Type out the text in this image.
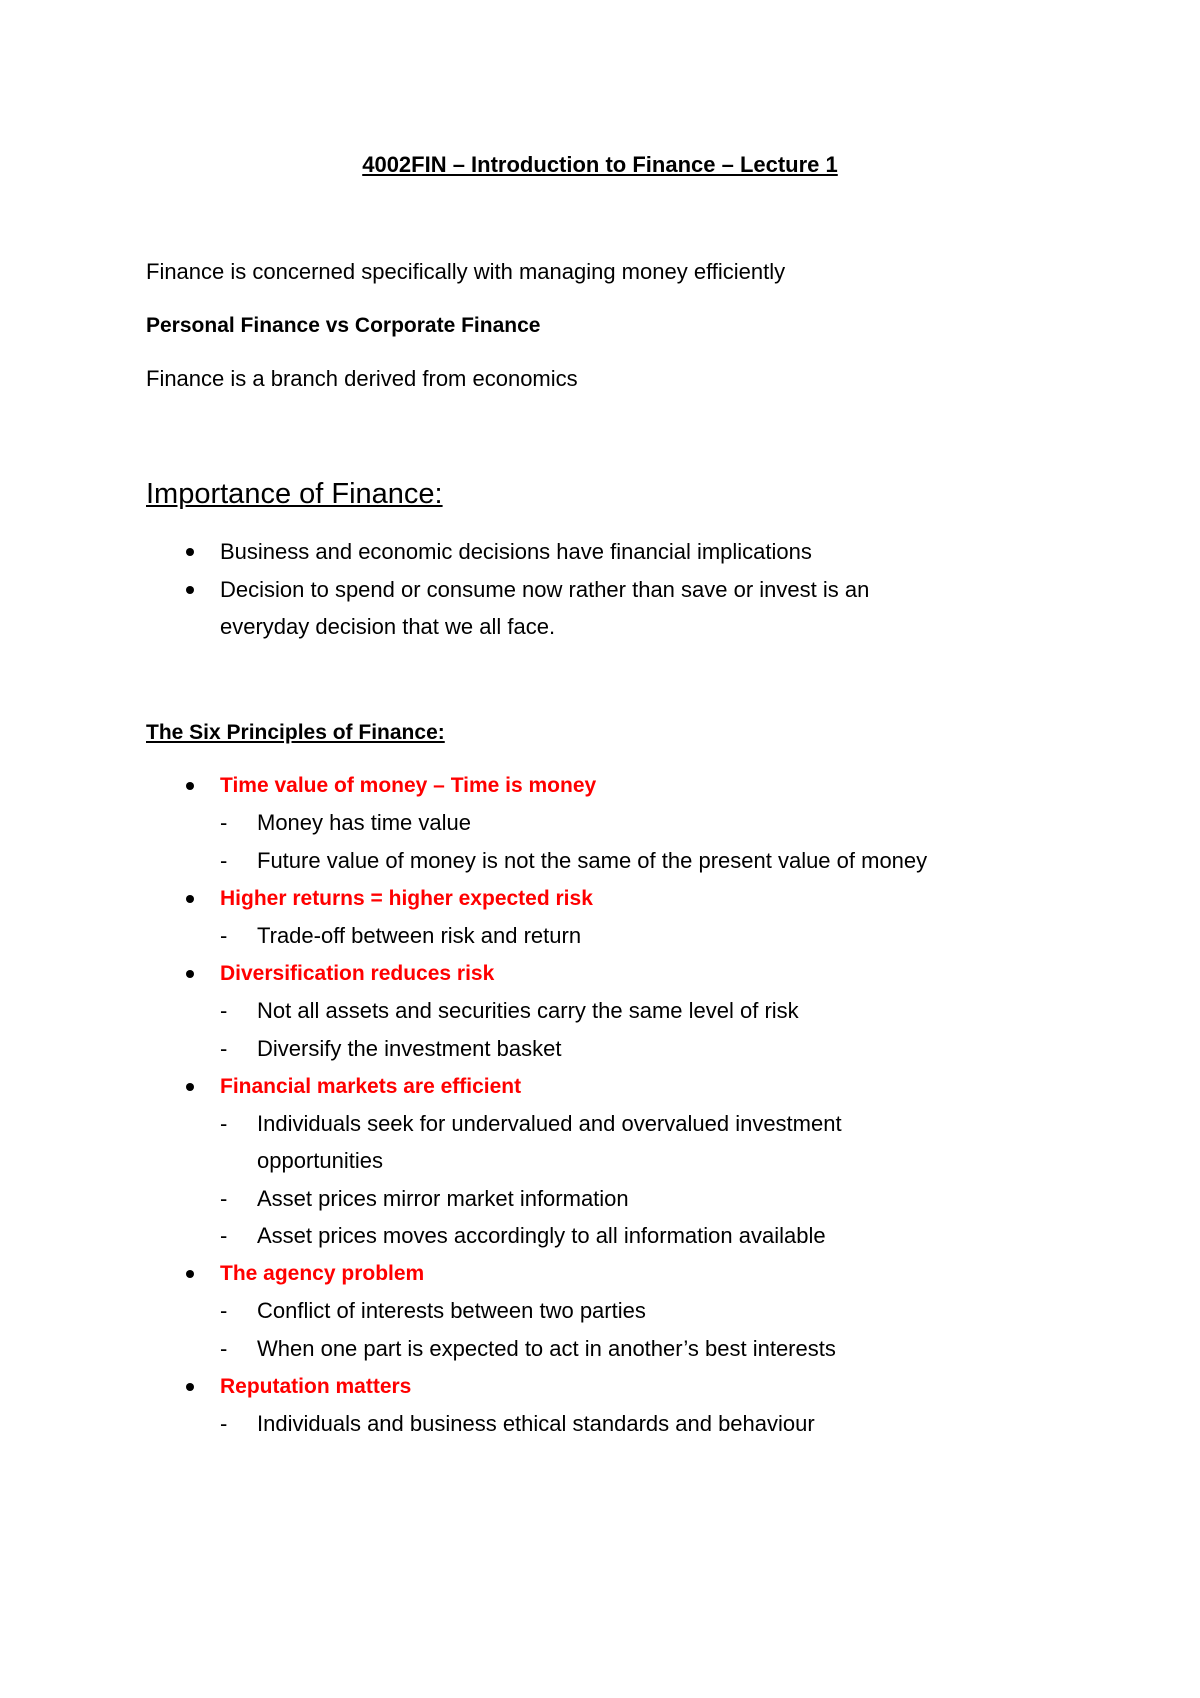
4002FIN – Introduction to Finance – Lecture 1
Finance is concerned specifically with managing money efficiently
Personal Finance vs Corporate Finance
Finance is a branch derived from economics
Importance of Finance:
Business and economic decisions have financial implications
Decision to spend or consume now rather than save or invest is an
everyday decision that we all face.
The Six Principles of Finance:
Time value of money – Time is money
- Money has time value
- Future value of money is not the same of the present value of money
Higher returns = higher expected risk
- Trade-off between risk and return
Diversification reduces risk
- Not all assets and securities carry the same level of risk
- Diversify the investment basket
Financial markets are efficient
- Individuals seek for undervalued and overvalued investment
opportunities
- Asset prices mirror market information
- Asset prices moves accordingly to all information available
The agency problem
- Conflict of interests between two parties
- When one part is expected to act in another’s best interests
Reputation matters
- Individuals and business ethical standards and behaviour
